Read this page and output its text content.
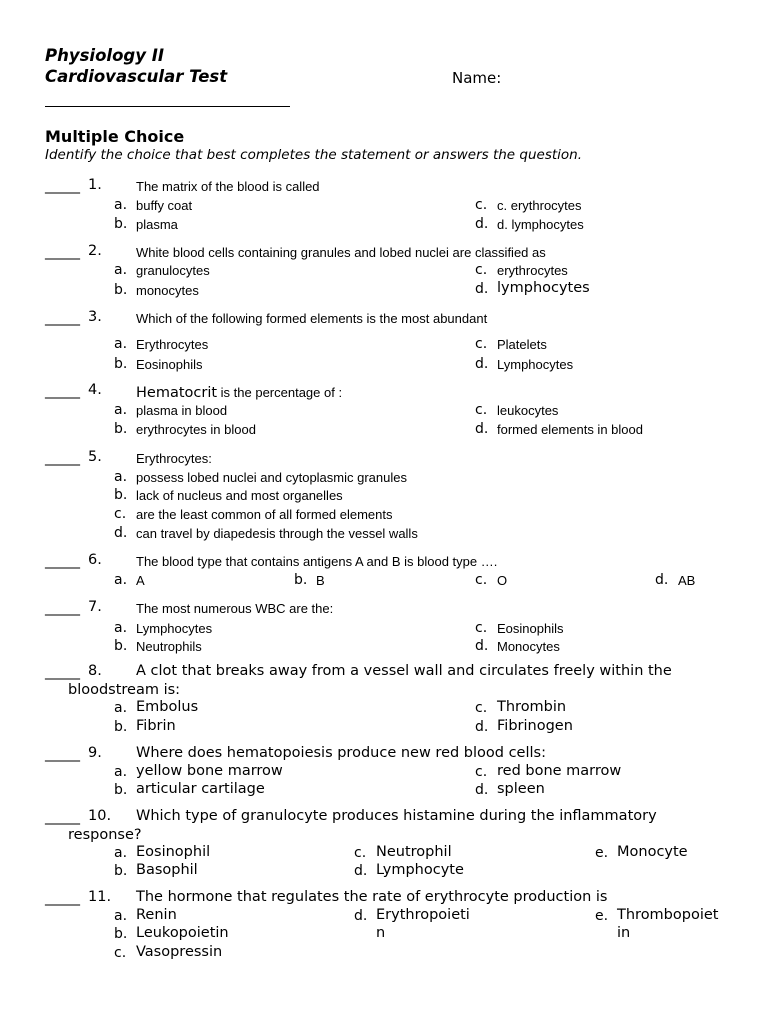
Physiology II
Cardiovascular Test	Name:
Multiple Choice
Identify the choice that best completes the statement or answers the question.
_____ 1.	The matrix of the blood is called
a. buffy coat
b. plasma
c. c. erythrocytes
d. d. lymphocytes
_____ 2.	White blood cells containing granules and lobed nuclei are classified as
a. granulocytes
b. monocytes
c. erythrocytes
d. lymphocytes
_____ 3.	Which of the following formed elements is the most abundant
a. Erythrocytes
b. Eosinophils
c. Platelets
d. Lymphocytes
_____ 4. Hematocrit is the percentage of :
a. plasma in blood
b. erythrocytes in blood
c. leukocytes
d. formed elements in blood
_____ 5.	Erythrocytes:
a. possess lobed nuclei and cytoplasmic granules
b. lack of nucleus and most organelles
c. are the least common of all formed elements
d. can travel by diapedesis through the vessel walls
_____ 6.	The blood type that contains antigens A and B is blood type ….
a. A	b. B	c. O	d. AB
_____ 7.	The most numerous WBC are the:
a. Lymphocytes
b. Neutrophils
c. Eosinophils
d. Monocytes
_____ 8. A clot that breaks away from a vessel wall and circulates freely within the
bloodstream is:
a. Embolus
b. Fibrin
c. Thrombin
d. Fibrinogen
_____ 9. Where does hematopoiesis produce new red blood cells:
a. yellow bone marrow
b. articular cartilage
c. red bone marrow
d. spleen
_____ 10. Which type of granulocyte produces histamine during the inflammatory
response?
a. Eosinophil
b. Basophil
c. Neutrophil
d. Lymphocyte
e. Monocyte
_____ 11. The hormone that regulates the rate of erythrocyte production is
a. Renin
b. Leukopoietin
c. Vasopressin
d. Erythropoieti
n
e. Thrombopoiet
in
